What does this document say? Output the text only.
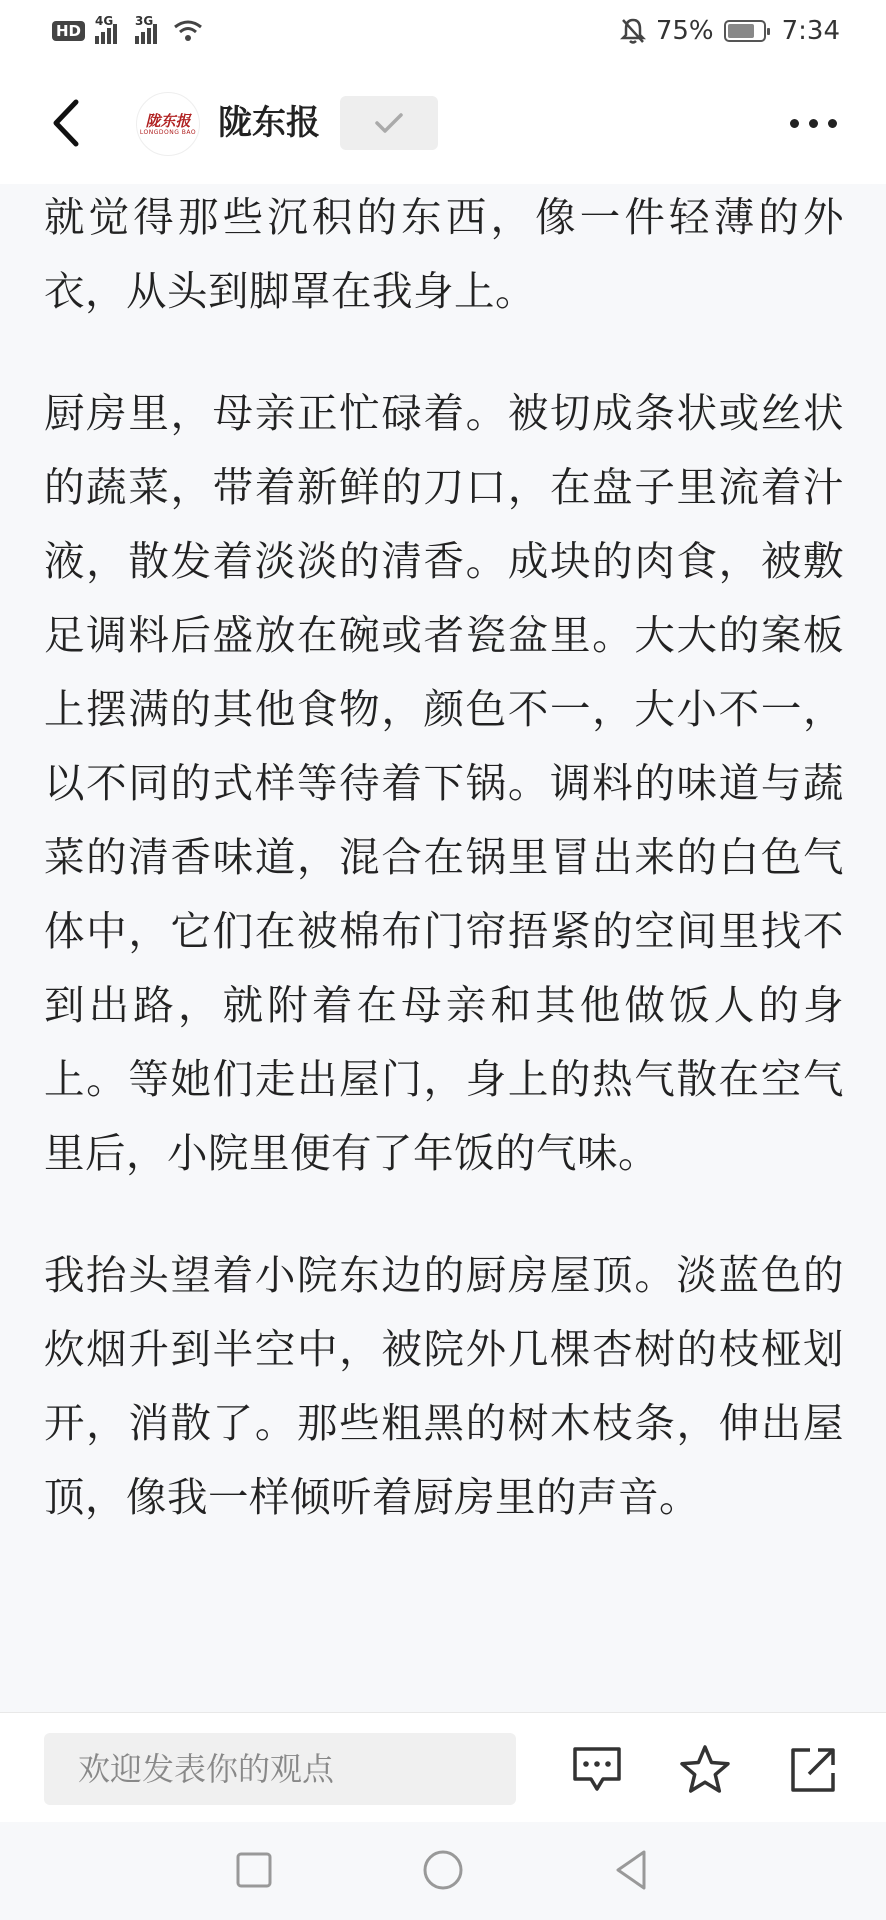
HD
4G 3G	75%	7:34
陇东报
LONGDONG BAO 陇东报

就觉得那些沉积的东西，像一件轻薄的外衣，从头到脚罩在我身上。

厨房里，母亲正忙碌着。被切成条状或丝状的蔬菜，带着新鲜的刀口，在盘子里流着汁液，散发着淡淡的清香。成块的肉食，被敷足调料后盛放在碗或者瓷盆里。大大的案板上摆满的其他食物，颜色不一，大小不一，以不同的式样等待着下锅。调料的味道与蔬菜的清香味道，混合在锅里冒出来的白色气体中，它们在被棉布门帘捂紧的空间里找不到出路，就附着在母亲和其他做饭人的身上。等她们走出屋门，身上的热气散在空气里后，小院里便有了年饭的气味。

我抬头望着小院东边的厨房屋顶。淡蓝色的炊烟升到半空中，被院外几棵杏树的枝桠划开，消散了。那些粗黑的树木枝条，伸出屋顶，像我一样倾听着厨房里的声音。

欢迎发表你的观点
